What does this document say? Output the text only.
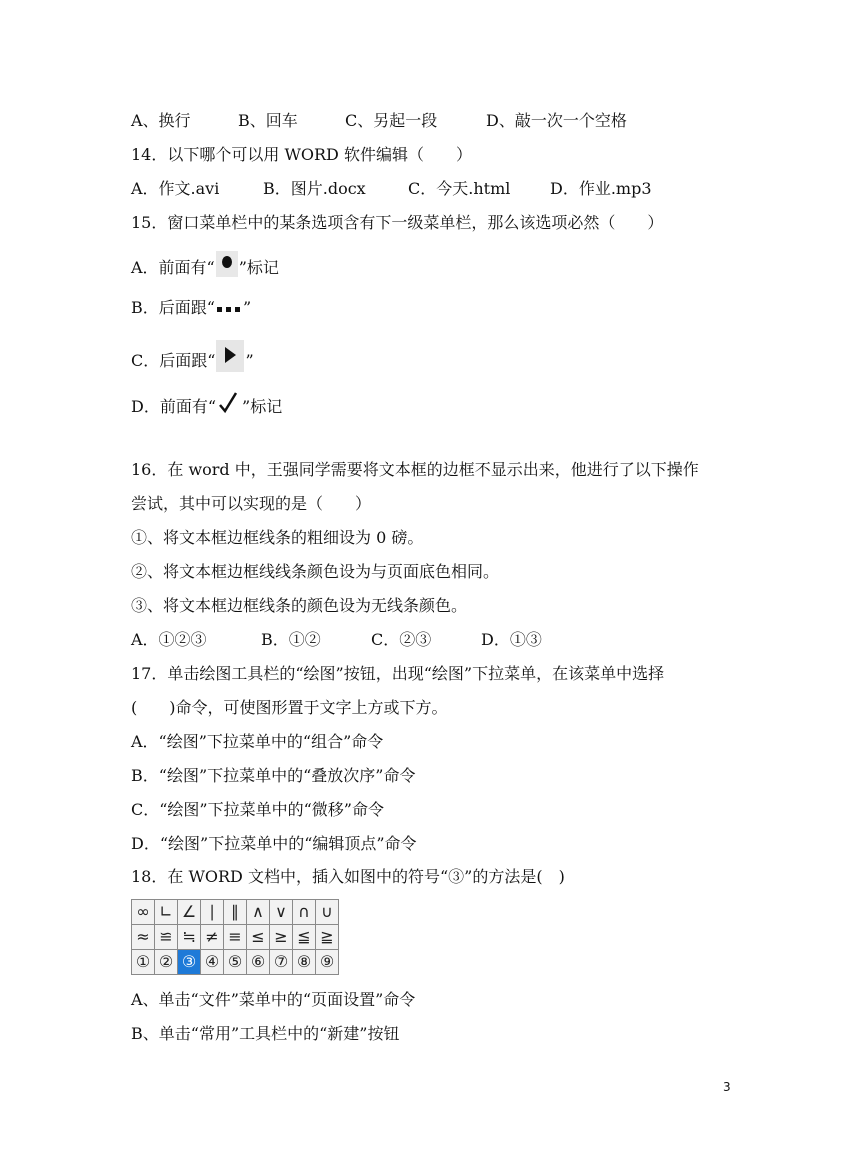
A、换行	B、回车	C、另起一段	D、敲一次一个空格
14．以下哪个可以用 WORD 软件编辑（　　）
A．作文.avi	B．图片.docx	C．今天.html D．作业.mp3
15．窗口菜单栏中的某条选项含有下一级菜单栏，那么该选项必然（　　）
A．前面有“ ”标记
B．后面跟“ ”
C．后面跟“ ”
D．前面有“ ”标记
16．在 word 中，王强同学需要将文本框的边框不显示出来，他进行了以下操作
尝试，其中可以实现的是（　　）
①、将文本框边框线条的粗细设为 0 磅。
②、将文本框边框线线条颜色设为与页面底色相同。
③、将文本框边框线条的颜色设为无线条颜色。
A．①②③	B．①②	C．②③	D．①③
17．单击绘图工具栏的“绘图”按钮，出现“绘图”下拉菜单，在该菜单中选择
(　　)命令，可使图形置于文字上方或下方。
A．“绘图”下拉菜单中的“组合”命令
B．“绘图”下拉菜单中的“叠放次序”命令
C．“绘图”下拉菜单中的“微移”命令
D．“绘图”下拉菜单中的“编辑顶点”命令
18．在 WORD 文档中，插入如图中的符号“③”的方法是(　)
∞	∟	∠	∣	∥	∧	∨	∩	∪
≈	≌	≒	≠	≡	≤	≥	≦	≧
①	②	③	④	⑤	⑥	⑦	⑧	⑨
A、单击“文件”菜单中的“页面设置”命令
B、单击“常用”工具栏中的“新建”按钮
3
